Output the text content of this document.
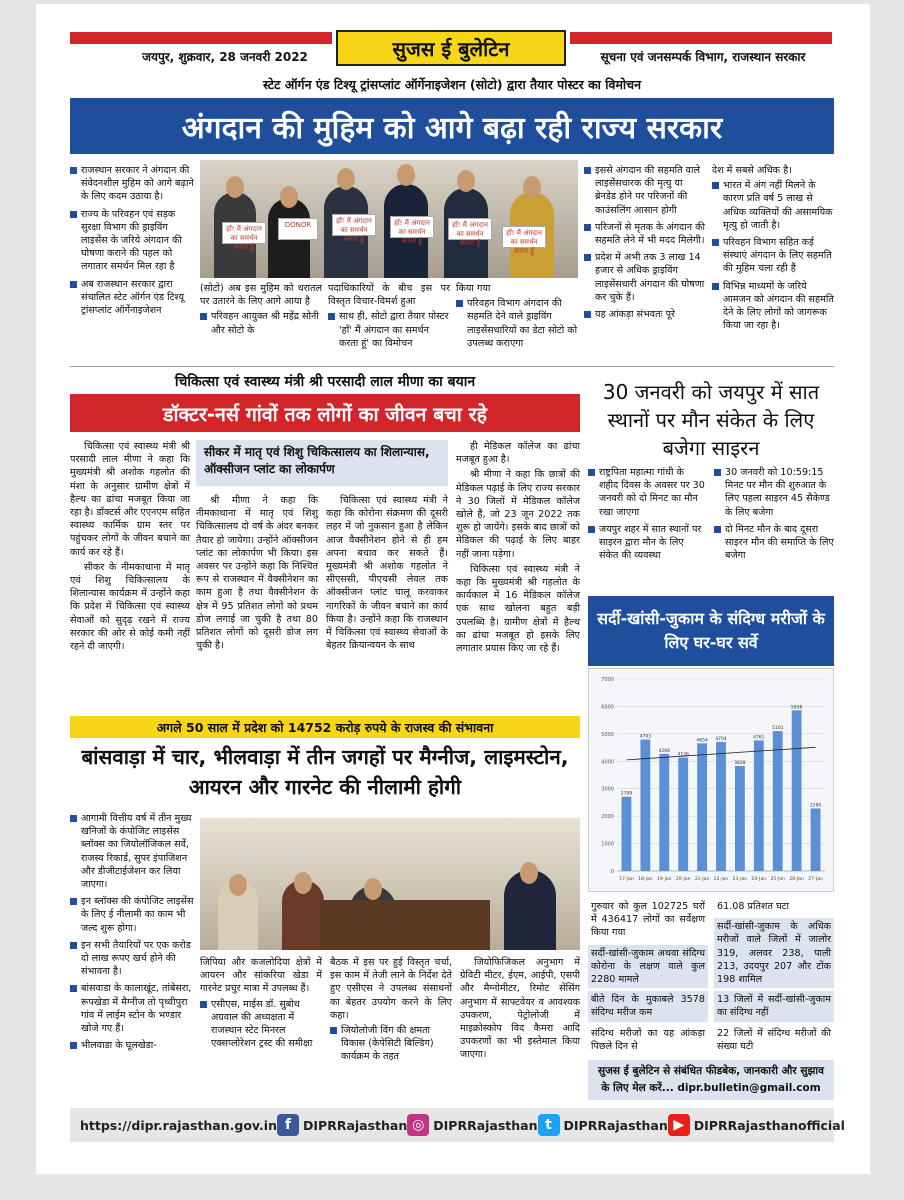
सुजस ई बुलेटिन
जयपुर, शुक्रवार, 28 जनवरी 2022	सूचना एवं जनसम्पर्क विभाग, राजस्थान सरकार
स्टेट ऑर्गन एंड टिश्यू ट्रांसप्लांट ऑर्गेनाइजेशन (सोटो) द्वारा तैयार पोस्टर का विमोचन
अंगदान की मुहिम को आगे बढ़ा रही राज्य सरकार
राजस्थान सरकार ने अंगदान की संवेदनशील मुहिम को आगे बढ़ाने के लिए कदम उठाया है।
राज्य के परिवहन एवं सड़क सुरक्षा विभाग की ड्राइविंग लाइसेंस के जरिये अंगदान की घोषणा कराने की पहल को लगातार समर्थन मिल रहा है
अब राजस्थान सरकार द्वारा संचालित स्टेट ऑर्गन एंड टिश्यू ट्रांसप्लांट ऑर्गेनाइजेशन
हाँ! मैं अंगदान का समर्थन करता हूँ
DONOR	हाँ! मैं अंगदान का समर्थन करता हूँ
हाँ! मैं अंगदान का समर्थन करता हूँ
हाँ! मैं अंगदान का समर्थन करता हूँ
हाँ! मैं अंगदान का समर्थन करता हूँ

(सोटो) अब इस मुहिम को धरातल पर उतारने के लिए आगे आया है

परिवहन आयुक्त श्री महेंद्र सोनी और सोटो के

पदाधिकारियों के बीच इस पर विस्तृत विचार-विमर्श हुआ

साथ ही, सोटो द्वारा तैयार पोस्टर 'हाँ' मैं अंगदान का समर्थन करता हूं' का विमोचन

किया गया

परिवहन विभाग अंगदान की सहमति देने वाले ड्राइविंग लाइसेंसधारियों का डेटा सोटो को उपलब्ध कराएगा
इससे अंगदान की सहमति वाले लाइसेंसधारक की मृत्यु या ब्रेनडेड होने पर परिजनों की काउंसलिंग आसान होगी
परिजनों से मृतक के अंगदान की सहमति लेने में भी मदद मिलेगी।
प्रदेश में अभी तक 3 लाख 14 हजार से अधिक ड्राइविंग लाइसेंसधारी अंगदान की घोषणा कर चुके हैं।
यह आंकड़ा संभवतः पूरे

देश में सबसे अधिक है।

भारत में अंग नहीं मिलने के कारण प्रति वर्ष 5 लाख से अधिक व्यक्तियों की असामयिक मृत्यु हो जाती है।
परिवहन विभाग सहित कई संस्थाएं अंगदान के लिए सहमति की मुहिम चला रही हैं
विभिन्न माध्यमों के जरिये आमजन को अंगदान की सहमति देने के लिए लोगों को जागरूक किया जा रहा है।
चिकित्सा एवं स्वास्थ्य मंत्री श्री परसादी लाल मीणा का बयान
डॉक्टर-नर्स गांवों तक लोगों का जीवन बचा रहे

चिकित्सा एवं स्वास्थ्य मंत्री श्री परसादी लाल मीणा ने कहा कि मुख्यमंत्री श्री अशोक गहलोत की मंशा के अनुसार ग्रामीण क्षेत्रों में हैल्थ का ढांचा मजबूत किया जा रहा है। डॉक्टर्स और एएनएम सहित स्वास्थ्य कार्मिक ग्राम स्तर पर पहुंचकर लोगों के जीवन बचाने का कार्य कर रहे हैं।

सीकर के नीमकाथाना में मातृ एवं शिशु चिकित्सालय के शिलान्यास कार्यक्रम में उन्होंने कहा कि प्रदेश में चिकित्सा एवं स्वास्थ्य सेवाओं को सुदृढ़ रखने में राज्य सरकार की ओर से कोई कमी नहीं रहने दी जाएगी।

सीकर में मातृ एवं शिशु चिकित्सालय का शिलान्यास, ऑक्सीजन प्लांट का लोकार्पण

श्री मीणा ने कहा कि नीमकाथाना में मातृ एवं शिशु चिकित्सालय दो वर्ष के अंदर बनकर तैयार हो जायेगा। उन्होंने ऑक्सीजन प्लांट का लोकार्पण भी किया। इस अवसर पर उन्होंने कहा कि निश्चित रूप से राजस्थान में वैक्सीनेशन का काम हुआ है तथा वैक्सीनेशन के क्षेत्र में 95 प्रतिशत लोगों को प्रथम डोज लगाई जा चुकी है तथा 80 प्रतिशत लोगों को दूसरी डोज लग चुकी है।

चिकित्सा एवं स्वास्थ्य मंत्री ने कहा कि कोरोना संक्रमण की दूसरी लहर में जो नुकसान हुआ है लेकिन आज वैक्सीनेशन होने से ही हम अपना बचाव कर सकते हैं। मुख्यमंत्री श्री अशोक गहलोत ने सीएससी, पीएचसी लेवल तक ऑक्सीजन प्लांट चालू करवाकर नागरिकों के जीवन बचाने का कार्य किया है। उन्होंने कहा कि राजस्थान में चिकित्सा एवं स्वास्थ्य सेवाओं के बेहतर क्रियान्वयन के साथ

ही मेडिकल कॉलेज का ढांचा मजबूत हुआ है।

श्री मीणा ने कहा कि छात्रों की मेडिकल पढ़ाई के लिए राज्य सरकार ने 30 जिलों में मेडिकल कॉलेज खोले हैं, जो 23 जून 2022 तक शुरू हो जायेंगे। इसके बाद छात्रों को मेडिकल की पढ़ाई के लिए बाहर नहीं जाना पड़ेगा।

चिकित्सा एवं स्वास्थ्य मंत्री ने कहा कि मुख्यमंत्री श्री गहलोत के कार्यकाल में 16 मेडिकल कॉलेज एक साथ खोलना बहुत बड़ी उपलब्धि है। ग्रामीण क्षेत्रों में हैल्थ का ढांचा मजबूत हो इसके लिए लगातार प्रयास किए जा रहे हैं।

30 जनवरी को जयपुर में सात स्थानों पर मौन संकेत के लिए बजेगा साइरन
राष्ट्रपिता महात्मा गांधी के शहीद दिवस के अवसर पर 30 जनवरी को दो मिनट का मौन रखा जाएगा
जयपुर शहर में सात स्थानों पर साइरन द्वारा मौन के लिए संकेत की व्यवस्था
30 जनवरी को 10:59:15 मिनट पर मौन की शुरुआत के लिए पहला साइरन 45 सैकेण्ड के लिए बजेगा
दो मिनट मौन के बाद दूसरा साइरन मौन की समाप्ति के लिए बजेगा
अगले 50 साल में प्रदेश को 14752 करोड़ रुपये के राजस्व की संभावना
बांसवाड़ा में चार, भीलवाड़ा में तीन जगहों पर मैग्नीज, लाइमस्टोन, आयरन और गारनेट की नीलामी होगी
आगामी वित्तीय वर्ष में तीन मुख्य खनिजों के कंपोजिट लाइसेंस ब्लॉक्स का जियोलॉजिकल सर्वे, राजस्व रिकार्ड, सुपर इंपाजिशन और डीजीटाईजेशन कर लिया जाएगा।
इन ब्लॉक्स की कंपोजिट लाइसेंस के लिए ई नीलामी का काम भी जल्द शुरू होगा।
इन सभी तैयारियों पर एक करोड दो लाख रूपए खर्च होने की संभावना है।
बांसवाडा के कालाखूंट, तांबेसरा, रूपखेडा में मैग्नीज तो पृथ्वीपुरा गांव में लाईम स्टोन के भण्डार खोजे गए हैं।
भीलवाडा के घूलखेडा-

जिपिया और कजलोदिया क्षेत्रों में आयरन और सांकरिया खेडा में गारनेट प्रचुर मात्रा में उपलब्ध हैं।

एसीएस, माईस डॉ. सुबोध अग्रवाल की अध्यक्षता में राजस्थान स्टेट मिनरल एक्सप्लोरेशन ट्रस्ट की समीक्षा

बैठक में इस पर हुई विस्तृत चर्चा, इस काम में तेजी लाने के निर्देश देते हुए एसीएस ने उपलब्ध संसाधनों का बेहतर उपयोग करने के लिए कहा।

जियोलोजी विंग की क्षमता विकास (केपेसिटी बिल्डिंग) कार्यक्रम के तहत

जियोफिजिकल अनुभाग में ग्रेविटी मीटर, ईएम, आईपी, एसपी और मैग्नोमीटर, रिमोट सेंसिंग अनुभाग में साफ्टवेयर व आवश्यक उपकरण, पेट्रोलोजी में माइक्रोस्कोप विद कैमरा आदि उपकरणों का भी इस्तेमाल किया जाएगा।

सर्दी-खांसी-जुकाम के संदिग्ध मरीजों के लिए घर-घर सर्वे
0
1000
2000
3000
4000
5000
6000
7000
2709
17-Jan
4793
18-Jan
4268
19-Jan
4136
20-Jan
4654
21-Jan
4704
22-Jan
3828
23-Jan
4761
24-Jan
5101
25-Jan
5858
26-Jan
2280
27-Jan

गुरुवार को कुल 102725 घरों में 436417 लोगों का सर्वेक्षण किया गया

सर्दी-खांसी-जुकाम अथवा संदिग्ध कोरोना के लक्षण वाले कुल 2280 मामले

बीते दिन के मुकाबले 3578 संदिग्ध मरीज कम

संदिग्ध मरीजों का यह आंकड़ा पिछले दिन से

61.08 प्रतिशत घटा

सर्दी-खांसी-जुकाम के अधिक मरीजों वाले जिलों में जालोर 319, अलवर 238, पाली 213, उदयपुर 207 और टोंक 198 शामिल

13 जिलों में सर्दी-खांसी-जुकाम का संदिग्ध नहीं

22 जिलों में संदिग्ध मरीजों की संख्या घटी

सुजस ई बुलेटिन से संबंधित फीडबेक, जानकारी और सुझाव
के लिए मेल करें... dipr.bulletin@gmail.com
https://dipr.rajasthan.gov.in f DIPRRajasthan ◎ DIPRRajasthan t DIPRRajasthan ▶ DIPRRajasthanofficial
